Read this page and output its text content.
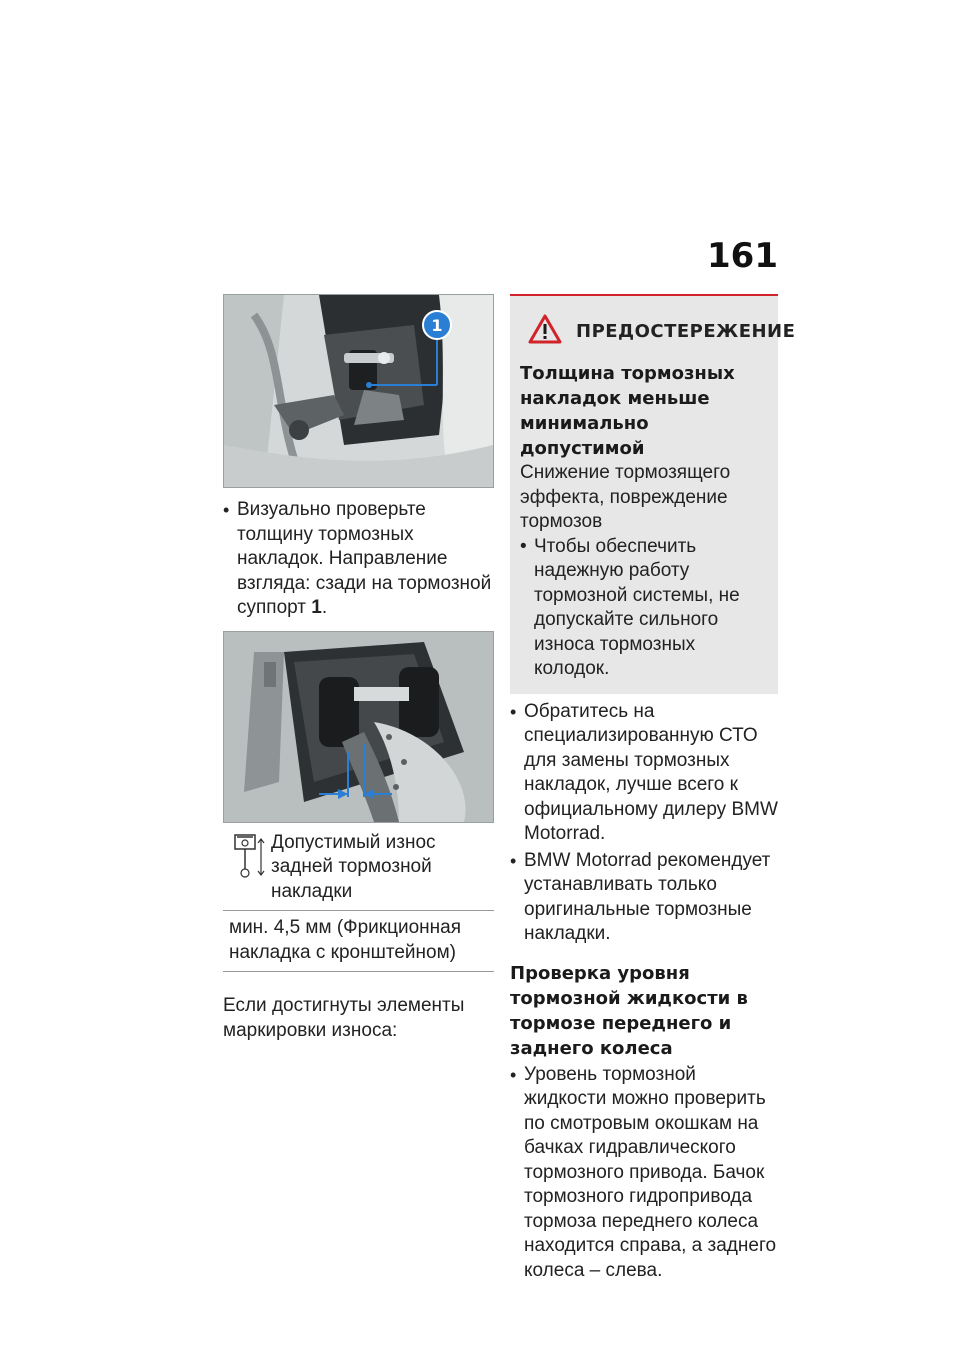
161
1
• Визуально проверьте толщину тормозных накладок. Направление взгляда: сзади на тормозной суппорт 1.
Допустимый износ задней тормозной накладки
мин. 4,5 мм (Фрикционная накладка с кронштейном)
Если достигнуты элементы маркировки износа:
ПРЕДОСТЕРЕЖЕНИЕ
Толщина тормозных накладок меньше минимально допустимой
Снижение тормозящего эффекта, повреждение тормозов
• Чтобы обеспечить надежную работу тормозной системы, не допускайте сильного износа тормозных колодок.
• Обратитесь на специализированную СТО для замены тормозных накладок, лучше всего к официальному дилеру BMW Motorrad.
• BMW Motorrad рекомендует устанавливать только оригинальные тормозные накладки.
Проверка уровня тормозной жидкости в тормозе переднего и заднего колеса
• Уровень тормозной жидкости можно проверить по смотровым окошкам на бачках гидравлического тормозного привода. Бачок тормозного гидропривода тормоза переднего колеса находится справа, а заднего колеса – слева.
